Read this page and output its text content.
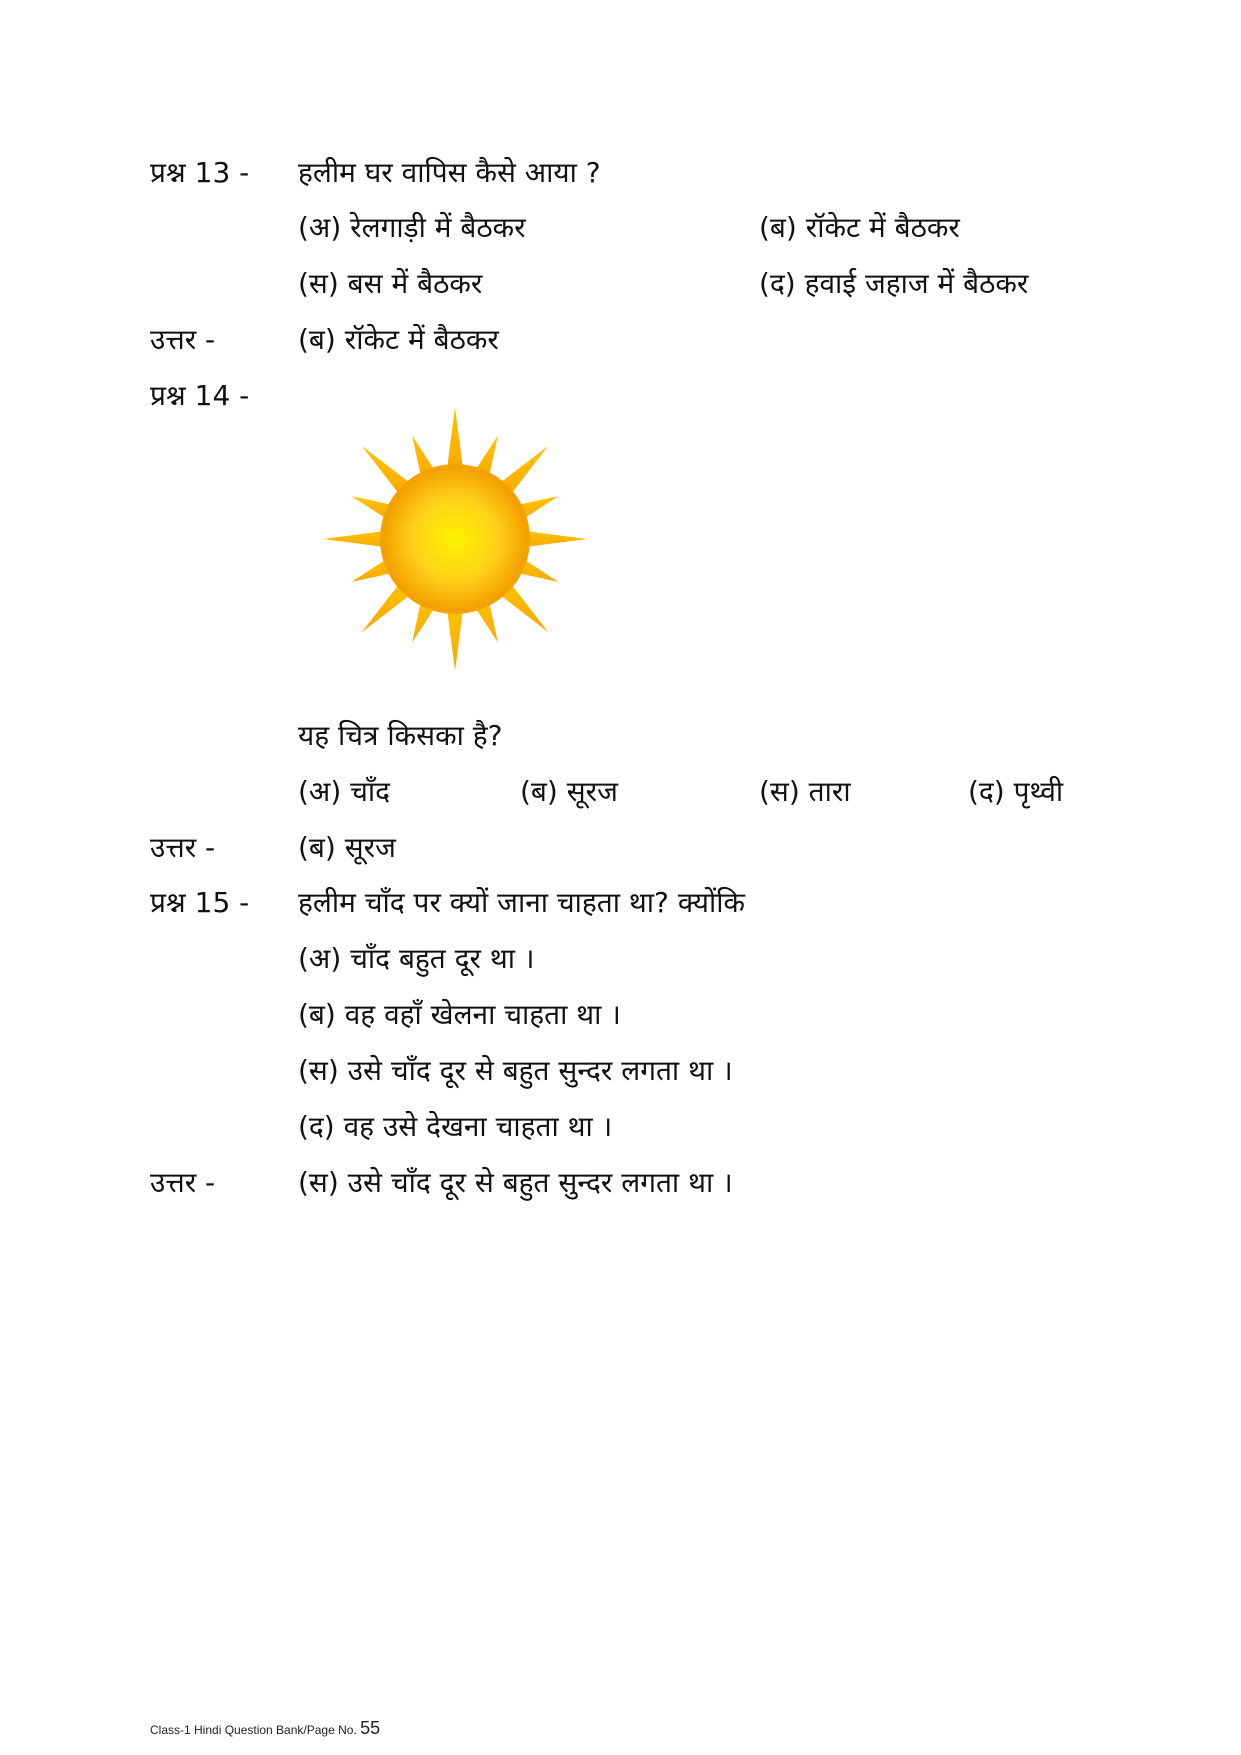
प्रश्न 13 - हलीम घर वापिस कैसे आया ?
(अ) रेलगाड़ी में बैठकर	(ब) रॉकेट में बैठकर
(स) बस में बैठकर	(द) हवाई जहाज में बैठकर
उत्तर -	(ब) रॉकेट में बैठकर
प्रश्न 14 -
यह चित्र किसका है?
(अ) चाँद	(ब) सूरज	(स) तारा	(द) पृथ्वी
उत्तर -	(ब) सूरज
प्रश्न 15 - हलीम चाँद पर क्यों जाना चाहता था? क्योंकि
(अ) चाँद बहुत दूर था ।
(ब) वह वहाँ खेलना चाहता था ।
(स) उसे चाँद दूर से बहुत सुन्दर लगता था ।
(द) वह उसे देखना चाहता था ।
उत्तर -	(स) उसे चाँद दूर से बहुत सुन्दर लगता था ।
Class-1 Hindi Question Bank/Page No. 55
